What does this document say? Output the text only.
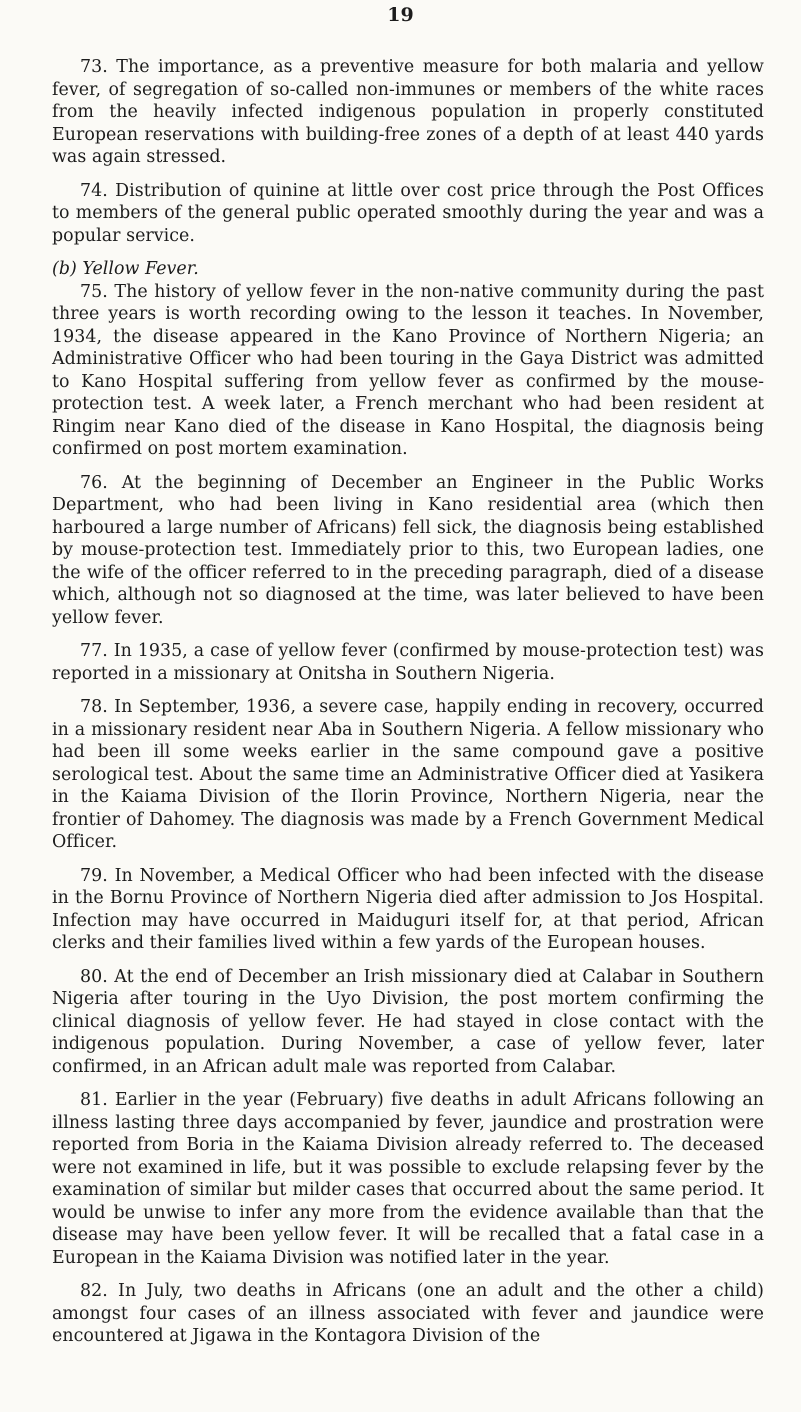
19

73. The importance, as a preventive measure for both malaria and yellow fever, of segregation of so-called non-immunes or members of the white races from the heavily infected indigenous population in properly constituted European reservations with building-free zones of a depth of at least 440 yards was again stressed.

74. Distribution of quinine at little over cost price through the Post Offices to members of the general public operated smoothly during the year and was a popular service.

(b) Yellow Fever.

75. The history of yellow fever in the non-native community during the past three years is worth recording owing to the lesson it teaches. In November, 1934, the disease appeared in the Kano Province of Northern Nigeria; an Administrative Officer who had been touring in the Gaya District was admitted to Kano Hospital suffering from yellow fever as confirmed by the mouse-protection test. A week later, a French merchant who had been resident at Ringim near Kano died of the disease in Kano Hospital, the diagnosis being confirmed on post mortem examination.

76. At the beginning of December an Engineer in the Public Works Department, who had been living in Kano residential area (which then harboured a large number of Africans) fell sick, the diagnosis being established by mouse-protection test. Immediately prior to this, two European ladies, one the wife of the officer referred to in the preceding paragraph, died of a disease which, although not so diagnosed at the time, was later believed to have been yellow fever.

77. In 1935, a case of yellow fever (confirmed by mouse-protection test) was reported in a missionary at Onitsha in Southern Nigeria.

78. In September, 1936, a severe case, happily ending in recovery, occurred in a missionary resident near Aba in Southern Nigeria. A fellow missionary who had been ill some weeks earlier in the same compound gave a positive serological test. About the same time an Administrative Officer died at Yasikera in the Kaiama Division of the Ilorin Province, Northern Nigeria, near the frontier of Dahomey. The diagnosis was made by a French Government Medical Officer.

79. In November, a Medical Officer who had been infected with the disease in the Bornu Province of Northern Nigeria died after admission to Jos Hospital. Infection may have occurred in Maiduguri itself for, at that period, African clerks and their families lived within a few yards of the European houses.

80. At the end of December an Irish missionary died at Calabar in Southern Nigeria after touring in the Uyo Division, the post mortem confirming the clinical diagnosis of yellow fever. He had stayed in close contact with the indigenous population. During November, a case of yellow fever, later confirmed, in an African adult male was reported from Calabar.

81. Earlier in the year (February) five deaths in adult Africans following an illness lasting three days accompanied by fever, jaundice and prostration were reported from Boria in the Kaiama Division already referred to. The deceased were not examined in life, but it was possible to exclude relapsing fever by the examination of similar but milder cases that occurred about the same period. It would be unwise to infer any more from the evidence available than that the disease may have been yellow fever. It will be recalled that a fatal case in a European in the Kaiama Division was notified later in the year.

82. In July, two deaths in Africans (one an adult and the other a child) amongst four cases of an illness associated with fever and jaundice were encountered at Jigawa in the Kontagora Division of the
